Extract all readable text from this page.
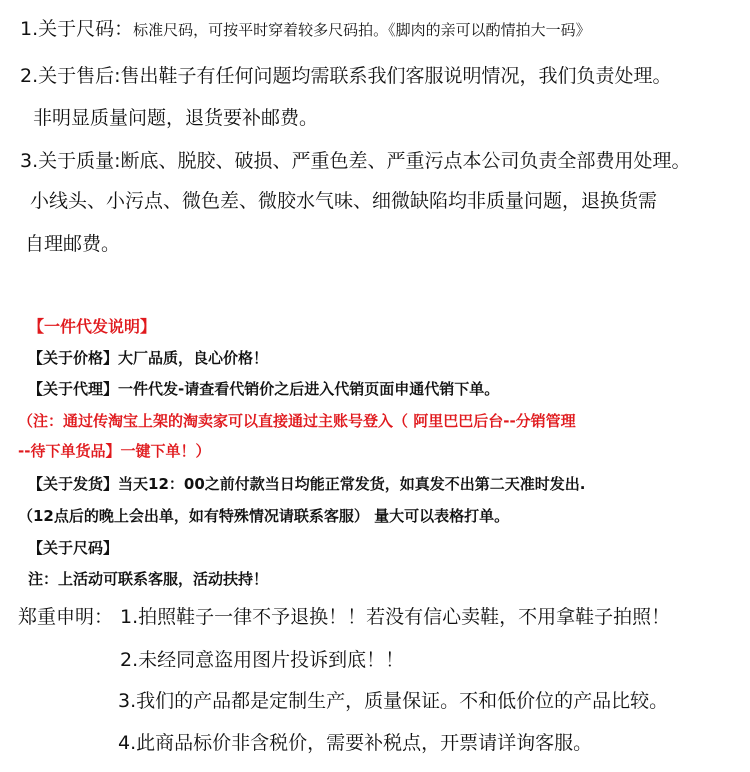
1.关于尺码：标准尺码，可按平时穿着较多尺码拍。《脚肉的亲可以酌情拍大一码》
2.关于售后:售出鞋子有任何问题均需联系我们客服说明情况，我们负责处理。
非明显质量问题，退货要补邮费。
3.关于质量:断底、脱胶、破损、严重色差、严重污点本公司负责全部费用处理。
小线头、小污点、微色差、微胶水气味、细微缺陷均非质量问题，退换货需
自理邮费。
【一件代发说明】
【关于价格】大厂品质，良心价格！
【关于代理】一件代发-请查看代销价之后进入代销页面申通代销下单。
（注：通过传淘宝上架的淘卖家可以直接通过主账号登入（ 阿里巴巴后台--分销管理
--待下单货品】一键下单！）
【关于发货】当天12：00之前付款当日均能正常发货，如真发不出第二天准时发出.
（12点后的晚上会出单，如有特殊情况请联系客服） 量大可以表格打单。
【关于尺码】
注：上活动可联系客服，活动扶持！
郑重申明： 1.拍照鞋子一律不予退换！！若没有信心卖鞋，不用拿鞋子拍照！
2.未经同意盗用图片投诉到底！！
3.我们的产品都是定制生产，质量保证。不和低价位的产品比较。
4.此商品标价非含税价，需要补税点，开票请详询客服。
